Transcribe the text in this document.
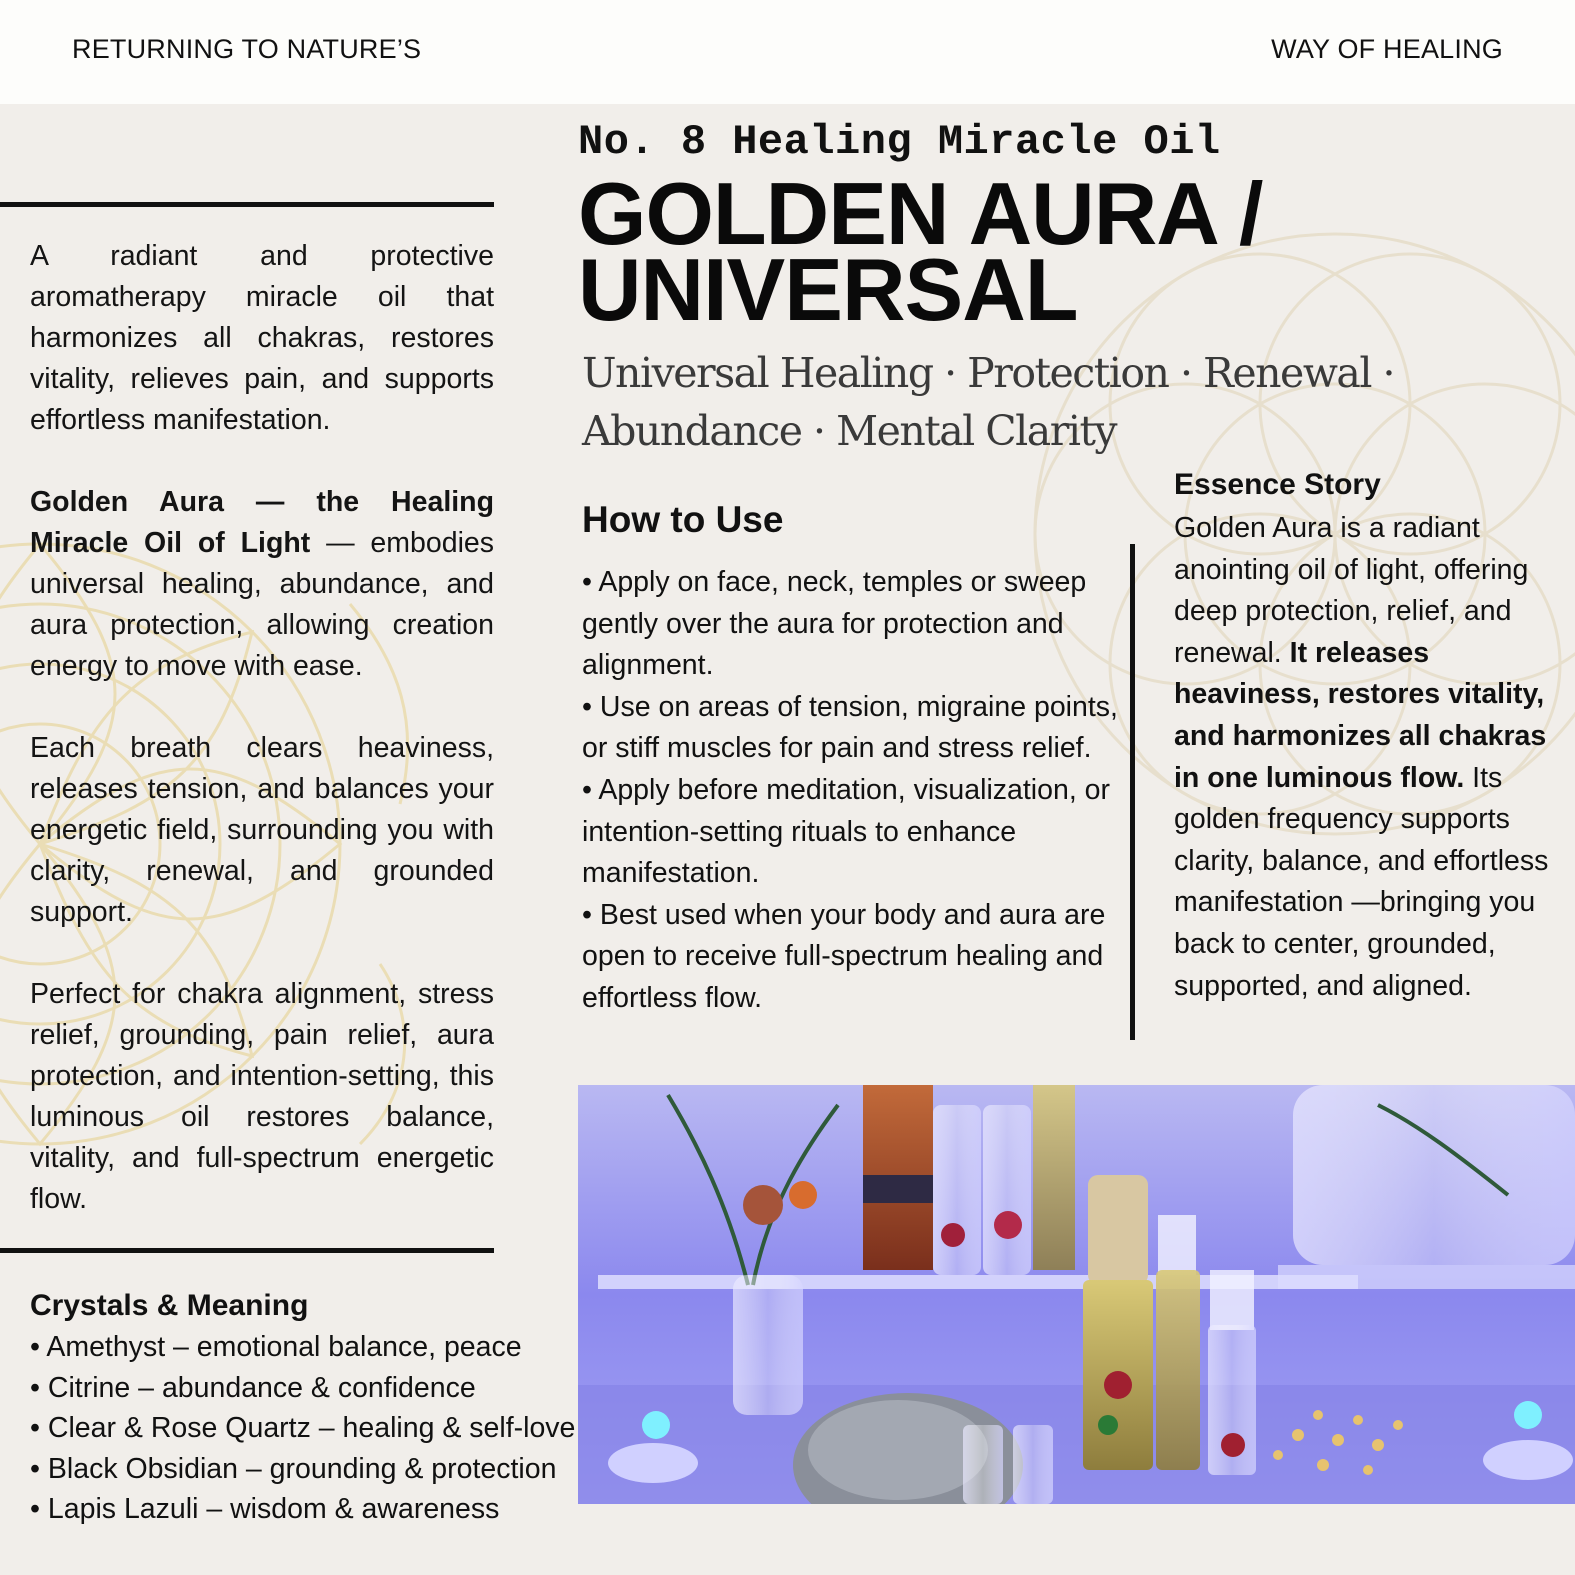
RETURNING TO NATURE’S	WAY OF HEALING

A radiant and protective aromatherapy miracle oil that harmonizes all chakras, restores vitality, relieves pain, and supports effortless manifestation.

Golden Aura — the Healing Miracle Oil of Light — embodies universal healing, abundance, and aura protection, allowing creation energy to move with ease.

Each breath clears heaviness, releases tension, and balances your energetic field, surrounding you with clarity, renewal, and grounded support.

Perfect for chakra alignment, stress relief, grounding, pain relief, aura protection, and intention-setting, this luminous oil restores balance, vitality, and full-spectrum energetic flow.

Crystals & Meaning
• Amethyst – emotional balance, peace
• Citrine – abundance & confidence
• Clear & Rose Quartz – healing & self-love
• Black Obsidian – grounding & protection
• Lapis Lazuli – wisdom & awareness
No. 8 Healing Miracle Oil
GOLDEN AURA /
UNIVERSAL
Universal Healing · Protection · Renewal · Abundance · Mental Clarity
How to Use
• Apply on face, neck, temples or sweep gently over the aura for protection and alignment.
• Use on areas of tension, migraine points, or stiff muscles for pain and stress relief.
• Apply before meditation, visualization, or intention-setting rituals to enhance manifestation.
• Best used when your body and aura are open to receive full-spectrum healing and effortless flow.
Essence Story

Golden Aura is a radiant anointing oil of light, offering deep protection, relief, and renewal. It releases heaviness, restores vitality, and harmonizes all chakras in one luminous flow. Its golden frequency supports clarity, balance, and effortless manifestation —bringing you back to center, grounded, supported, and aligned.
